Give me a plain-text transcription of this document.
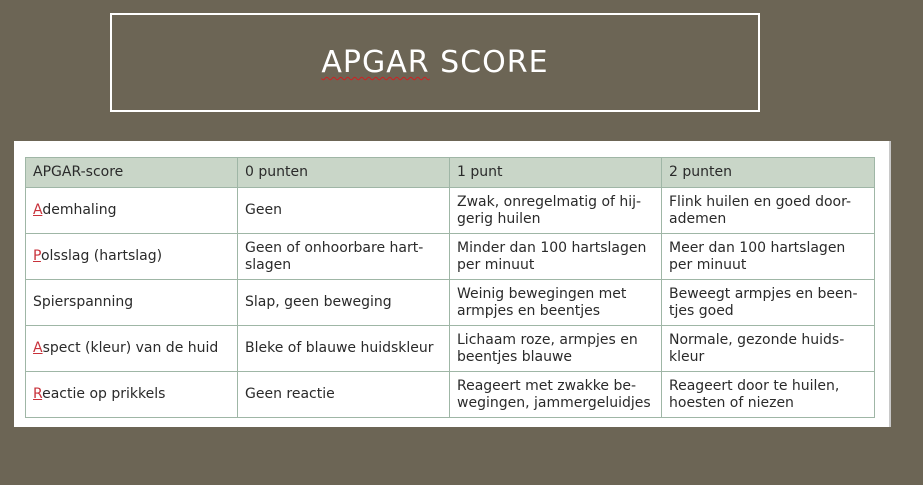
APGAR SCORE
APGAR-score	0 punten	1 punt	2 punten
Ademhaling	Geen	Zwak, onregelmatig of hij-gerig huilen	Flink huilen en goed door-ademen
Polsslag (hartslag)	Geen of onhoorbare hart-slagen	Minder dan 100 hartslagen per minuut	Meer dan 100 hartslagen per minuut
Spierspanning	Slap, geen beweging	Weinig bewegingen met armpjes en beentjes	Beweegt armpjes en been-tjes goed
Aspect (kleur) van de huid	Bleke of blauwe huidskleur	Lichaam roze, armpjes en beentjes blauwe	Normale, gezonde huids-kleur
Reactie op prikkels	Geen reactie	Reageert met zwakke be-wegingen, jammergeluidjes	Reageert door te huilen, hoesten of niezen
